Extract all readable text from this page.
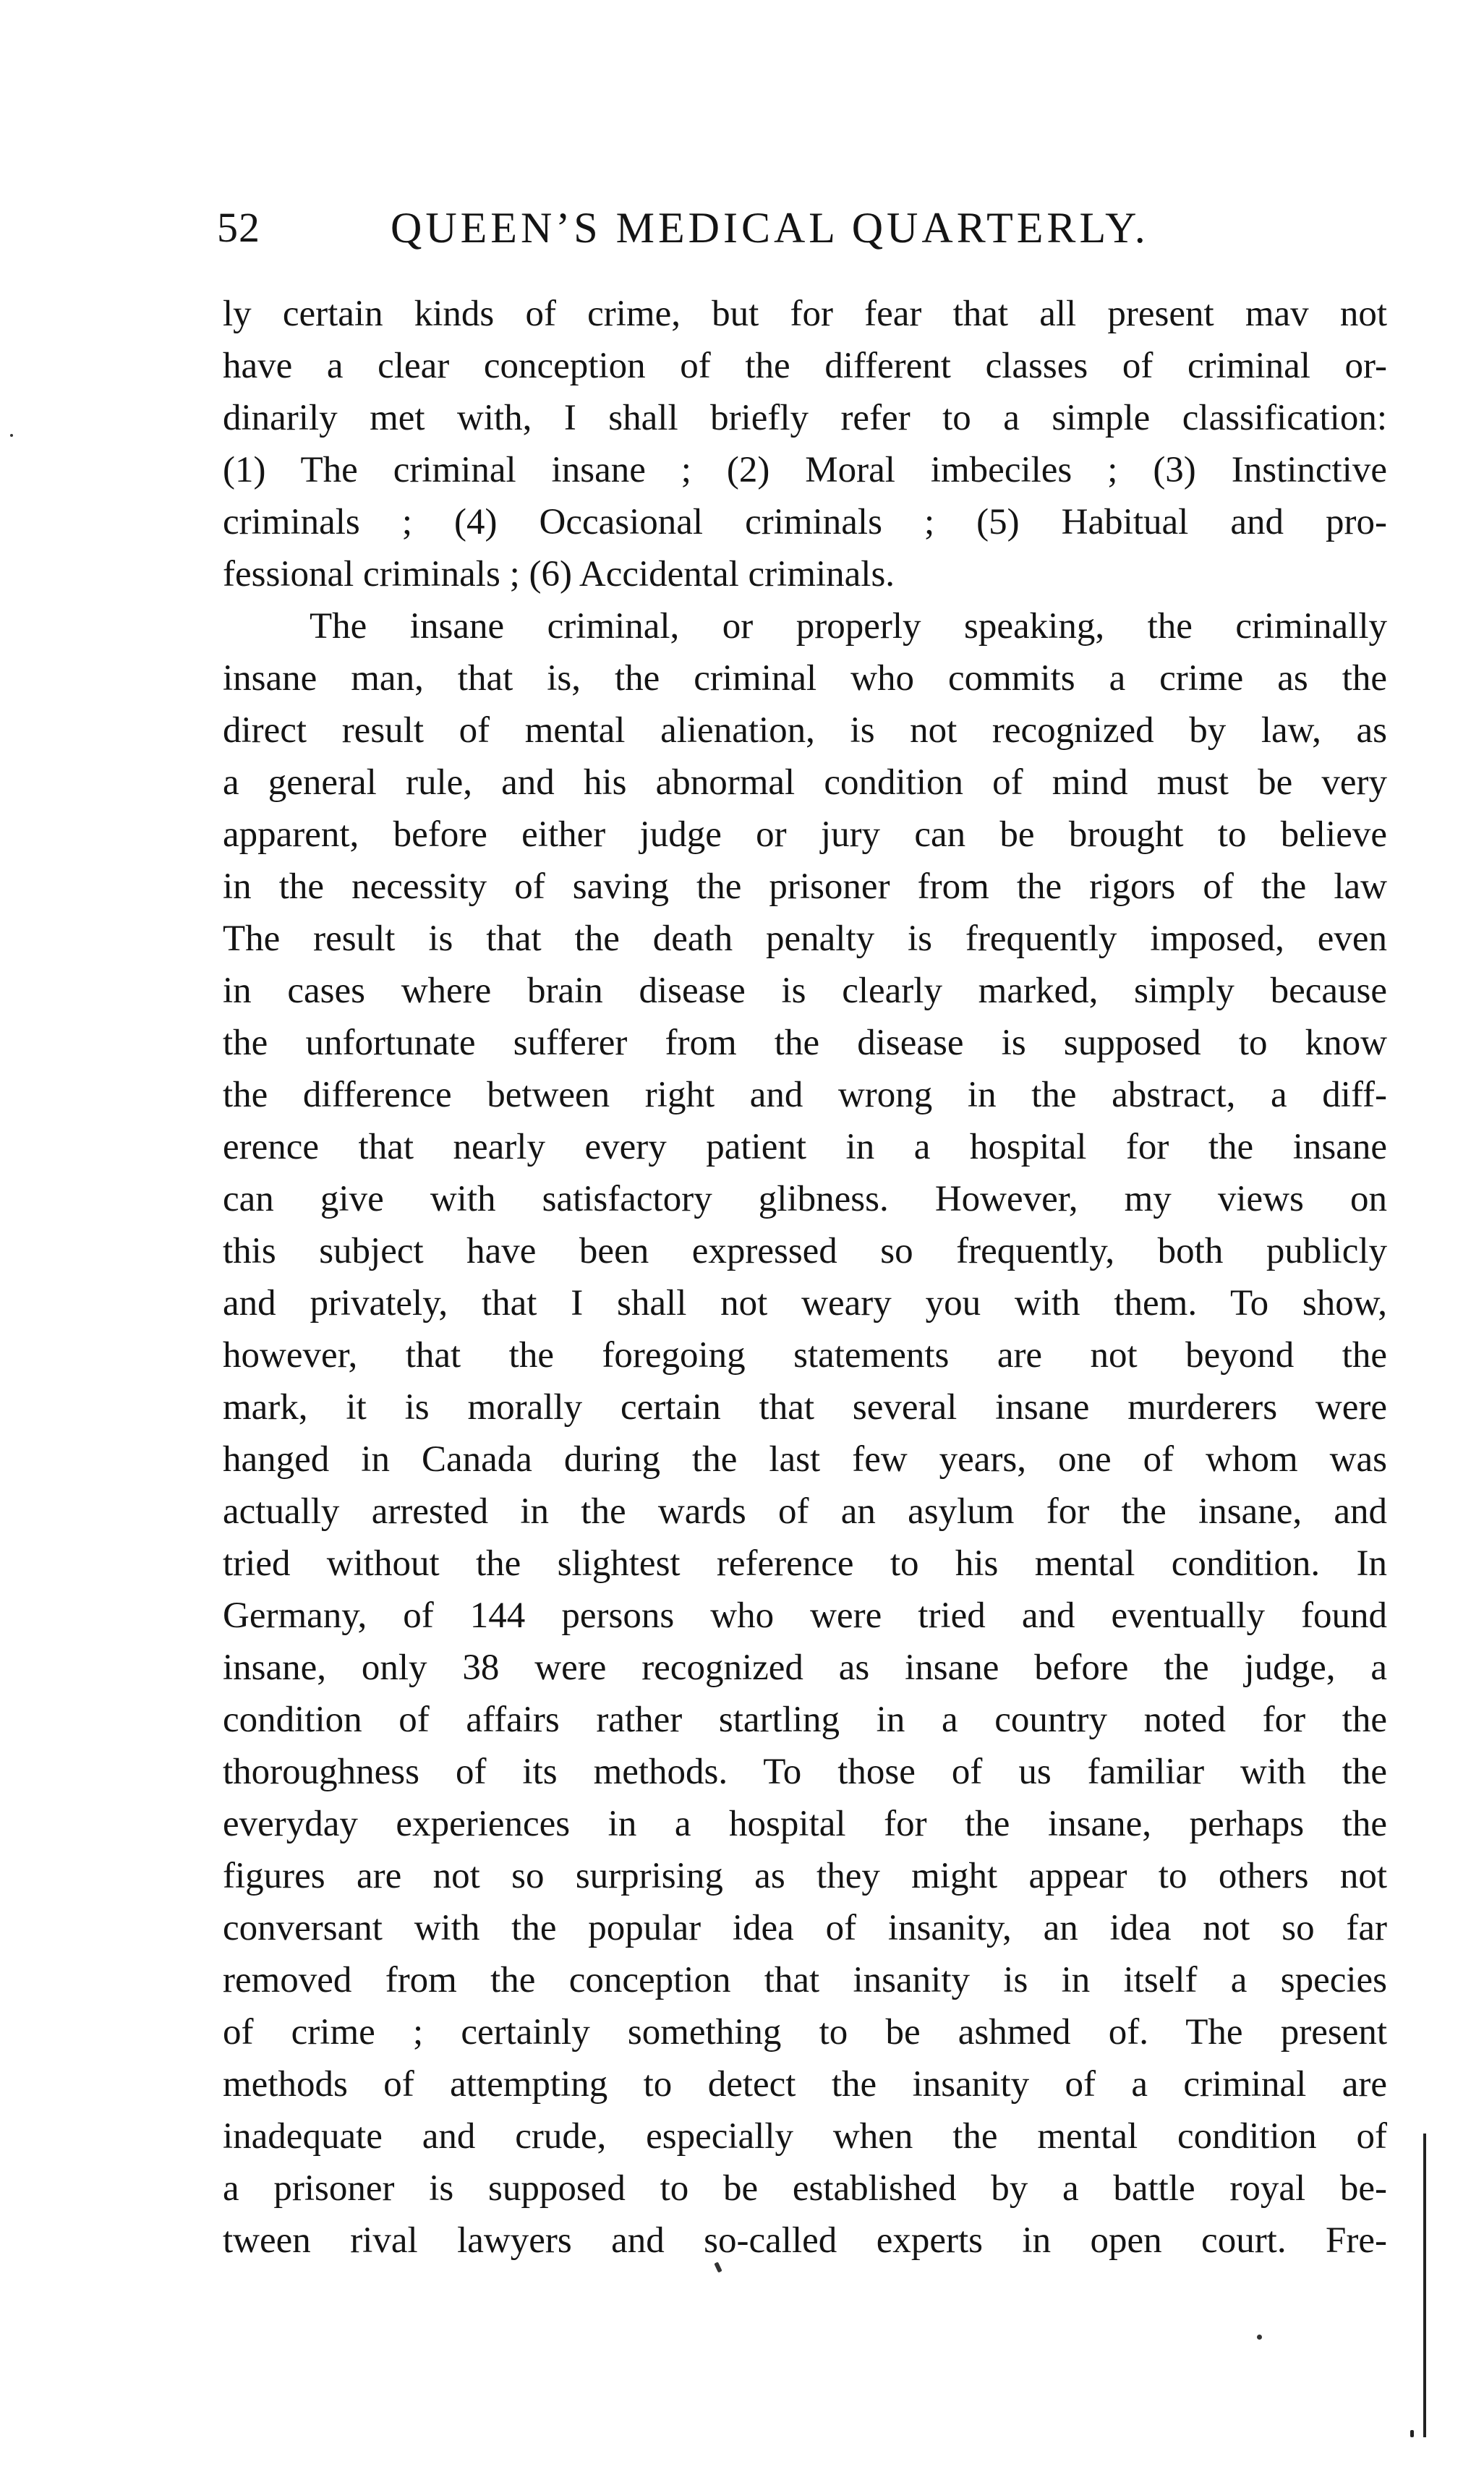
52	QUEEN’S MEDICAL QUARTERLY.
ly certain kinds of crime, but for fear that all present mav not
have a clear conception of the different classes of criminal or-
dinarily met with, I shall briefly refer to a simple classification:
(1) The criminal insane ; (2) Moral imbeciles ; (3) Instinctive
criminals ; (4) Occasional criminals ; (5) Habitual and pro-
fessional criminals ; (6) Accidental criminals.
The insane criminal, or properly speaking, the criminally
insane man, that is, the criminal who commits a crime as the
direct result of mental alienation, is not recognized by law, as
a general rule, and his abnormal condition of mind must be very
apparent, before either judge or jury can be brought to believe
in the necessity of saving the prisoner from the rigors of the law
The result is that the death penalty is frequently imposed, even
in cases where brain disease is clearly marked, simply because
the unfortunate sufferer from the disease is supposed to know
the difference between right and wrong in the abstract, a diff-
erence that nearly every patient in a hospital for the insane
can give with satisfactory glibness. However, my views on
this subject have been expressed so frequently, both publicly
and privately, that I shall not weary you with them. To show,
however, that the foregoing statements are not beyond the
mark, it is morally certain that several insane murderers were
hanged in Canada during the last few years, one of whom was
actually arrested in the wards of an asylum for the insane, and
tried without the slightest reference to his mental condition. In
Germany, of 144 persons who were tried and eventually found
insane, only 38 were recognized as insane before the judge, a
condition of affairs rather startling in a country noted for the
thoroughness of its methods. To those of us familiar with the
everyday experiences in a hospital for the insane, perhaps the
figures are not so surprising as they might appear to others not
conversant with the popular idea of insanity, an idea not so far
removed from the conception that insanity is in itself a species
of crime ; certainly something to be ashmed of. The present
methods of attempting to detect the insanity of a criminal are
inadequate and crude, especially when the mental condition of
a prisoner is supposed to be established by a battle royal be-
tween rival lawyers and so-called experts in open court. Fre-
